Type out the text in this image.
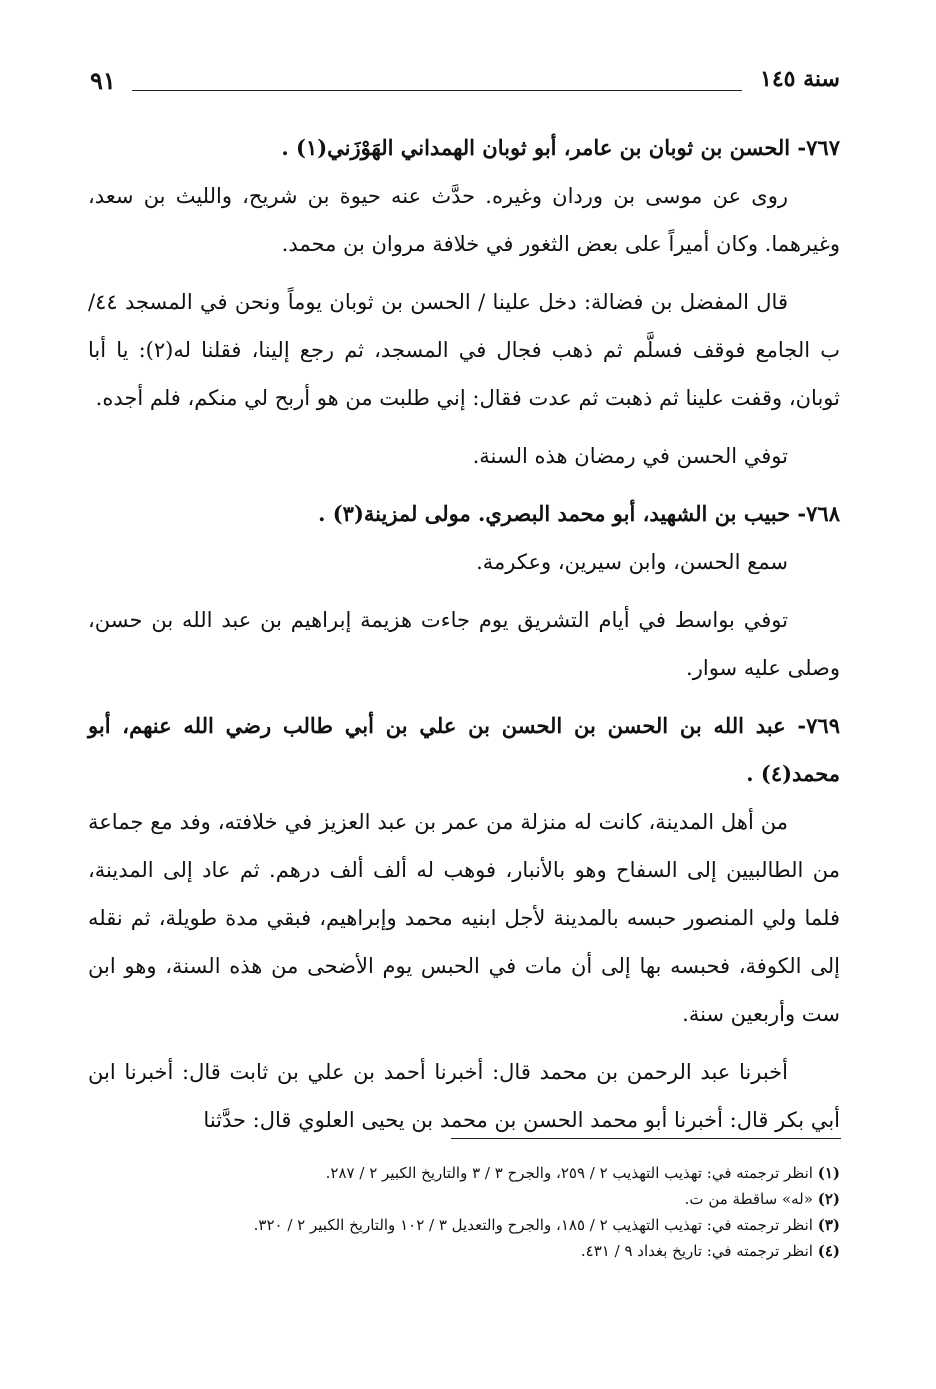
سنة ١٤٥
٩١

٧٦٧- الحسن بن ثوبان بن عامر، أبو ثوبان الهمداني الهَوْزَني(١) .

روى عن موسى بن وردان وغيره. حدَّث عنه حيوة بن شريح، والليث بن سعد، وغيرهما. وكان أميراً على بعض الثغور في خلافة مروان بن محمد.

قال المفضل بن فضالة: دخل علينا / الحسن بن ثوبان يوماً ونحن في المسجد ٤٤/ب الجامع فوقف فسلَّم ثم ذهب فجال في المسجد، ثم رجع إلينا، فقلنا له(٢): يا أبا ثوبان، وقفت علينا ثم ذهبت ثم عدت فقال: إني طلبت من هو أربح لي منكم، فلم أجده.

توفي الحسن في رمضان هذه السنة.

٧٦٨- حبيب بن الشهيد، أبو محمد البصري. مولى لمزينة(٣) .

سمع الحسن، وابن سيرين، وعكرمة.

توفي بواسط في أيام التشريق يوم جاءت هزيمة إبراهيم بن عبد الله بن حسن، وصلى عليه سوار.

٧٦٩- عبد الله بن الحسن بن الحسن بن علي بن أبي طالب رضي الله عنهم، أبو محمد(٤) .

من أهل المدينة، كانت له منزلة من عمر بن عبد العزيز في خلافته، وفد مع جماعة من الطالبيين إلى السفاح وهو بالأنبار، فوهب له ألف ألف درهم. ثم عاد إلى المدينة، فلما ولي المنصور حبسه بالمدينة لأجل ابنيه محمد وإبراهيم، فبقي مدة طويلة، ثم نقله إلى الكوفة، فحبسه بها إلى أن مات في الحبس يوم الأضحى من هذه السنة، وهو ابن ست وأربعين سنة.

أخبرنا عبد الرحمن بن محمد قال: أخبرنا أحمد بن علي بن ثابت قال: أخبرنا ابن أبي بكر قال: أخبرنا أبو محمد الحسن بن محمد بن يحيى العلوي قال: حدَّثنا

(١) انظر ترجمته في: تهذيب التهذيب ٢ / ٢٥٩، والجرح ٣ / ٣ والتاريخ الكبير ٢ / ٢٨٧.

(٢) «له» ساقطة من ت.

(٣) انظر ترجمته في: تهذيب التهذيب ٢ / ١٨٥، والجرح والتعديل ٣ / ١٠٢ والتاريخ الكبير ٢ / ٣٢٠.

(٤) انظر ترجمته في: تاريخ بغداد ٩ / ٤٣١.
